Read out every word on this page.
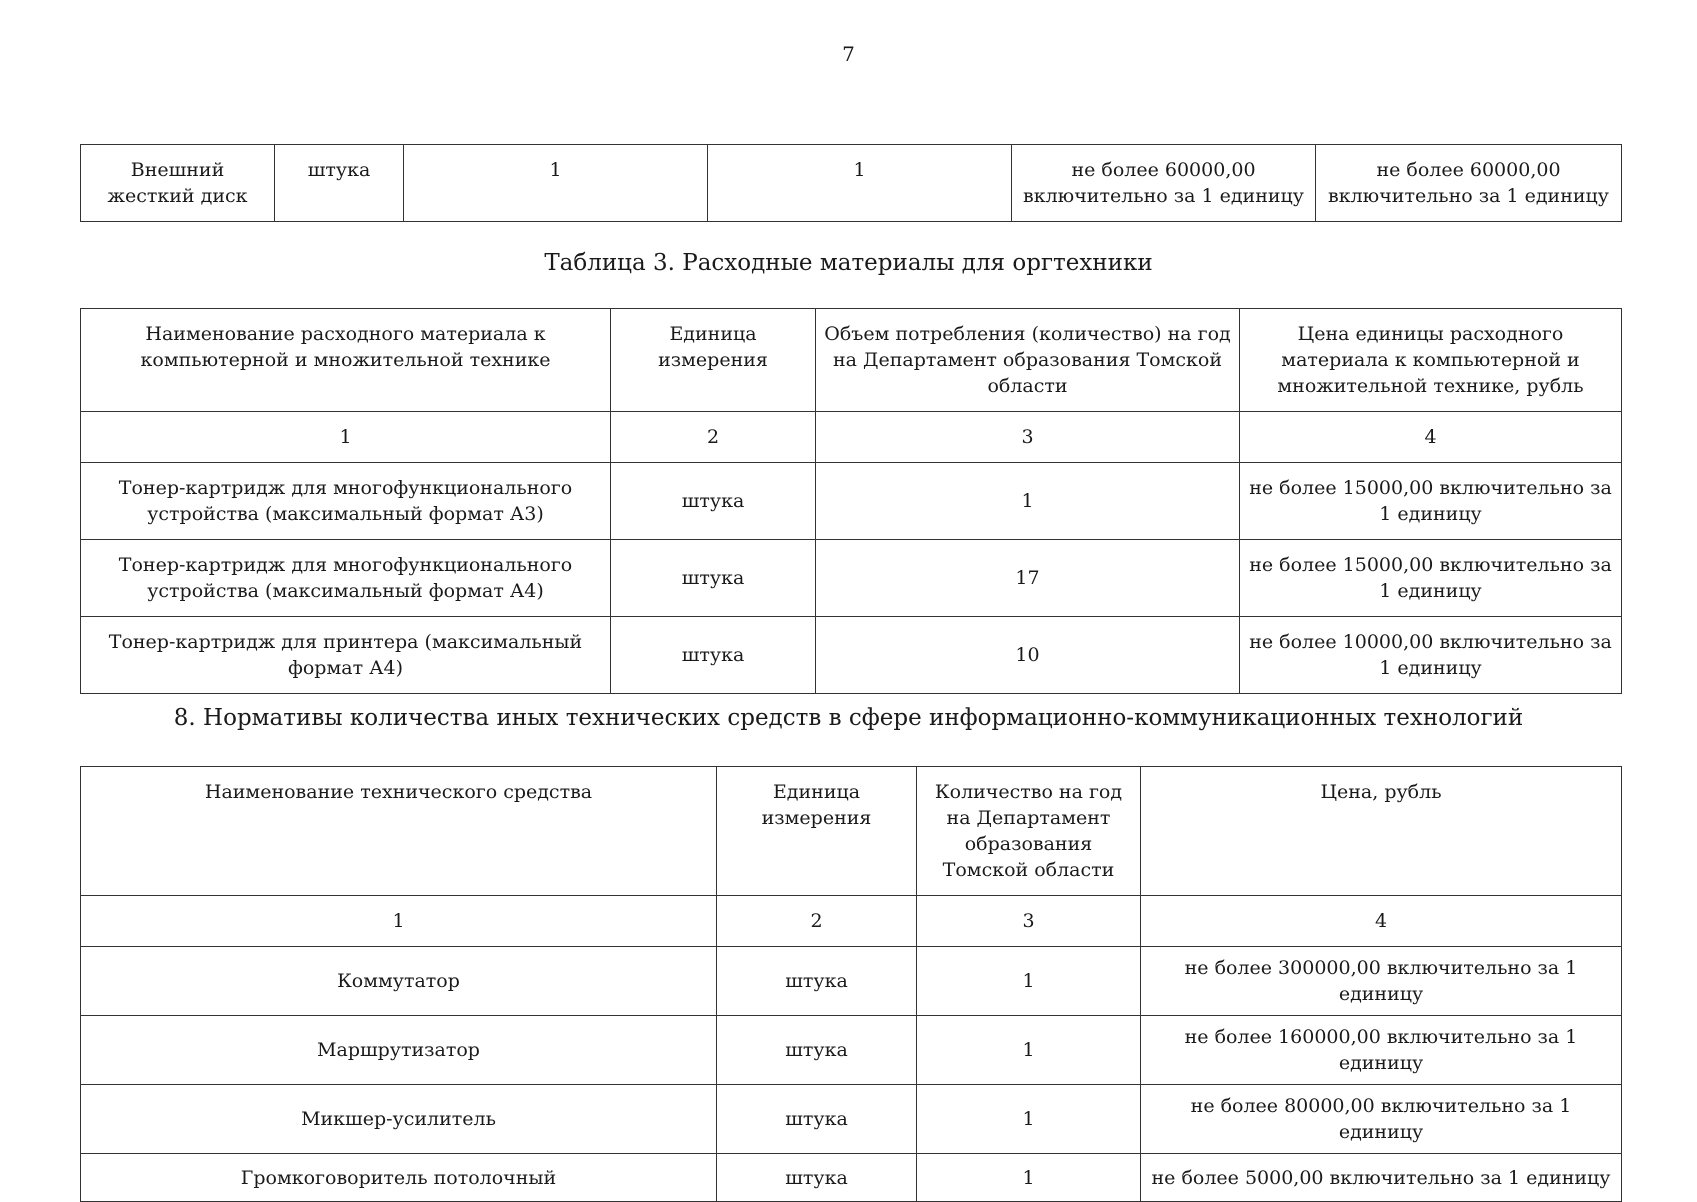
7
Внешний жесткий диск	штука	1	1	не более 60000,00 включительно за 1 единицу	не более 60000,00 включительно за 1 единицу
Таблица 3. Расходные материалы для оргтехники
Наименование расходного материала к компьютерной и множительной технике	Единица измерения	Объем потребления (количество) на год на Департамент образования Томской области	Цена единицы расходного материала к компьютерной и множительной технике, рубль
1	2	3	4
Тонер-картридж для многофункционального устройства (максимальный формат А3)	штука	1	не более 15000,00 включительно за 1 единицу
Тонер-картридж для многофункционального устройства (максимальный формат А4)	штука	17	не более 15000,00 включительно за 1 единицу
Тонер-картридж для принтера (максимальный формат А4)	штука	10	не более 10000,00 включительно за 1 единицу
8. Нормативы количества иных технических средств в сфере информационно-коммуникационных технологий
Наименование технического средства	Единица измерения	Количество на год на Департамент образования Томской области	Цена, рубль
1	2	3	4
Коммутатор	штука	1	не более 300000,00 включительно за 1 единицу
Маршрутизатор	штука	1	не более 160000,00 включительно за 1 единицу
Микшер-усилитель	штука	1	не более 80000,00 включительно за 1 единицу
Громкоговоритель потолочный	штука	1	не более 5000,00 включительно за 1 единицу
